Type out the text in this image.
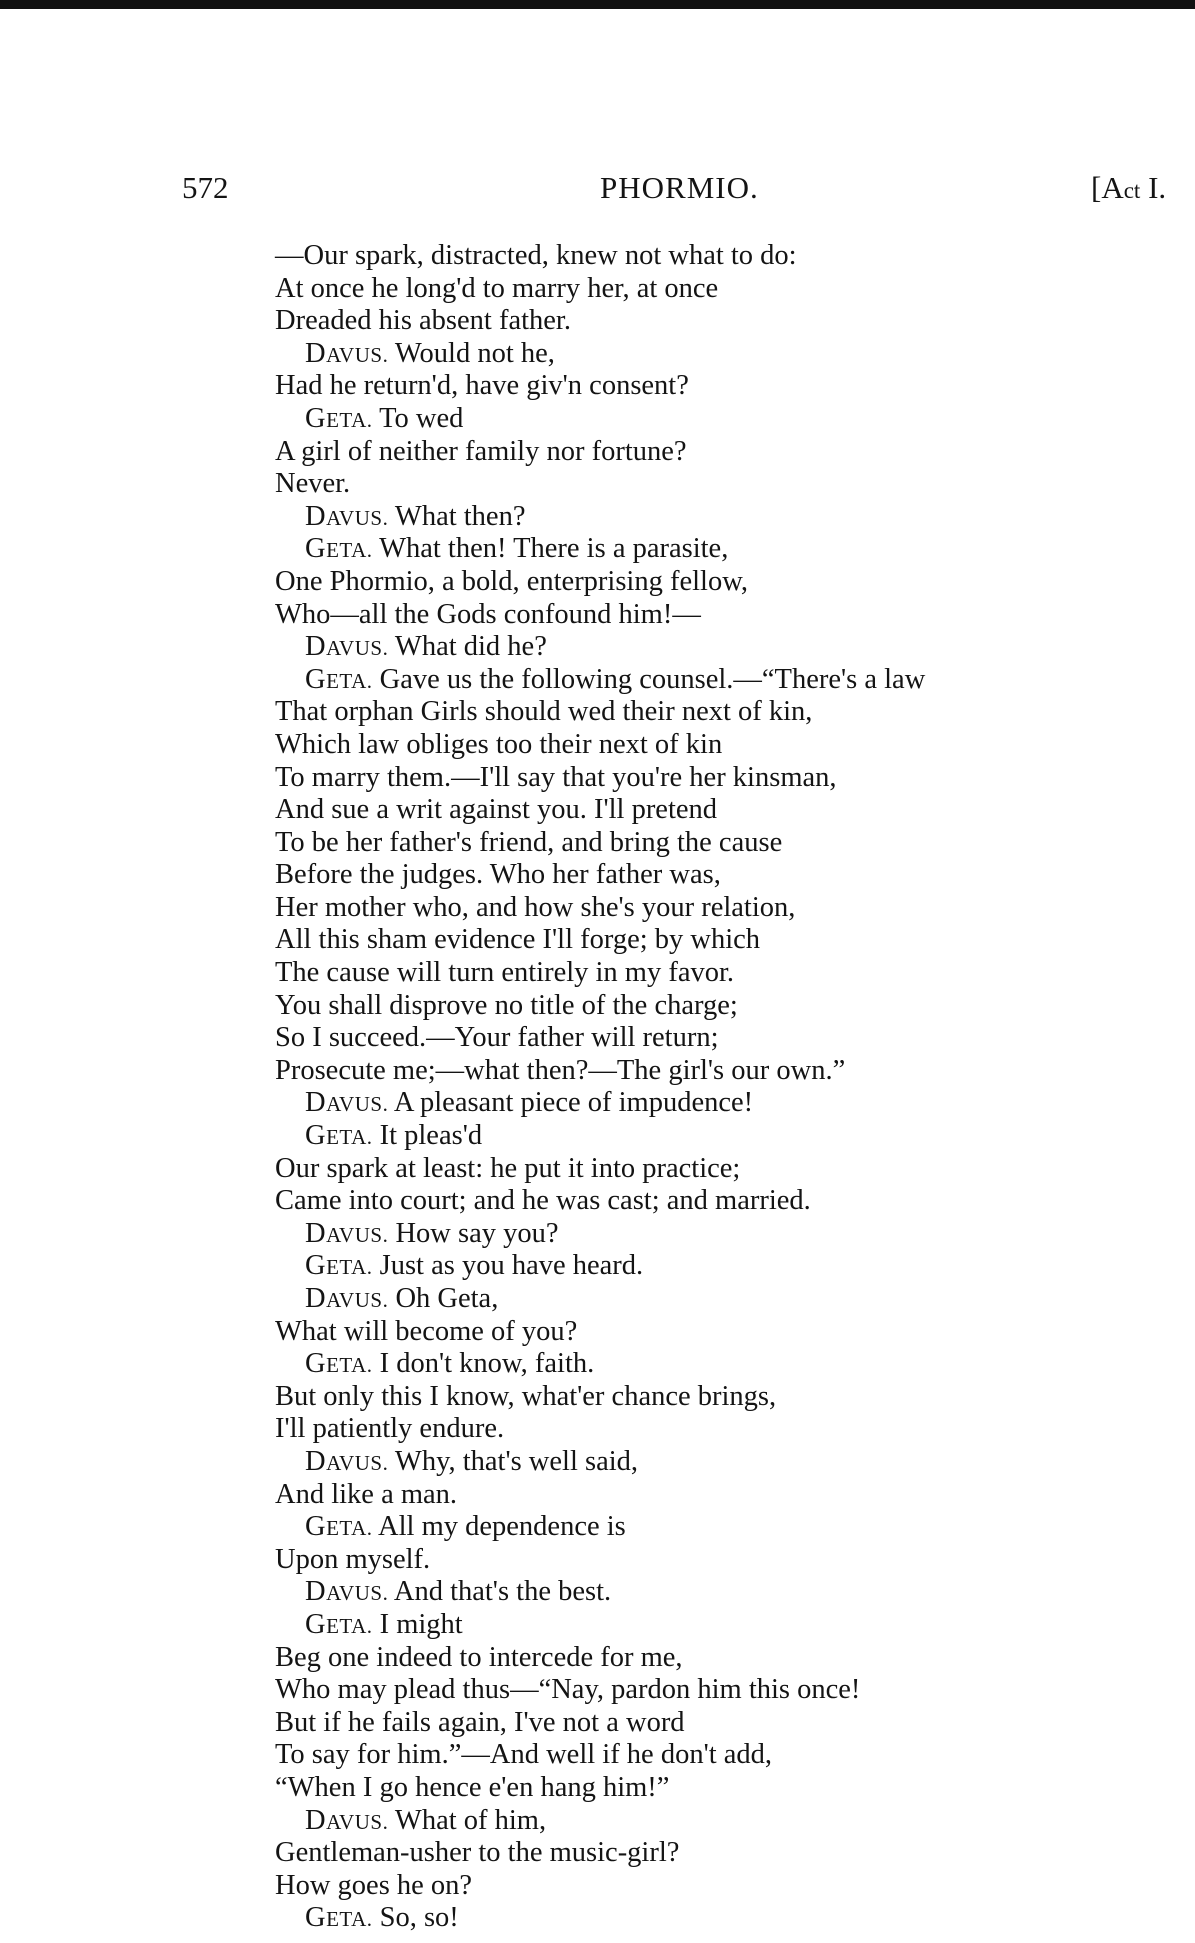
572	PHORMIO.	[Act I.
—Our spark, distracted, knew not what to do:
At once he long'd to marry her, at once
Dreaded his absent father.
DAVUS. Would not he,
Had he return'd, have giv'n consent?
GETA. To wed
A girl of neither family nor fortune?
Never.
DAVUS. What then?
GETA. What then! There is a parasite,
One Phormio, a bold, enterprising fellow,
Who—all the Gods confound him!—
DAVUS. What did he?
GETA. Gave us the following counsel.—“There's a law
That orphan Girls should wed their next of kin,
Which law obliges too their next of kin
To marry them.—I'll say that you're her kinsman,
And sue a writ against you. I'll pretend
To be her father's friend, and bring the cause
Before the judges. Who her father was,
Her mother who, and how she's your relation,
All this sham evidence I'll forge; by which
The cause will turn entirely in my favor.
You shall disprove no title of the charge;
So I succeed.—Your father will return;
Prosecute me;—what then?—The girl's our own.”
DAVUS. A pleasant piece of impudence!
GETA. It pleas'd
Our spark at least: he put it into practice;
Came into court; and he was cast; and married.
DAVUS. How say you?
GETA. Just as you have heard.
DAVUS. Oh Geta,
What will become of you?
GETA. I don't know, faith.
But only this I know, what'er chance brings,
I'll patiently endure.
DAVUS. Why, that's well said,
And like a man.
GETA. All my dependence is
Upon myself.
DAVUS. And that's the best.
GETA. I might
Beg one indeed to intercede for me,
Who may plead thus—“Nay, pardon him this once!
But if he fails again, I've not a word
To say for him.”—And well if he don't add,
“When I go hence e'en hang him!”
DAVUS. What of him,
Gentleman-usher to the music-girl?
How goes he on?
GETA. So, so!
